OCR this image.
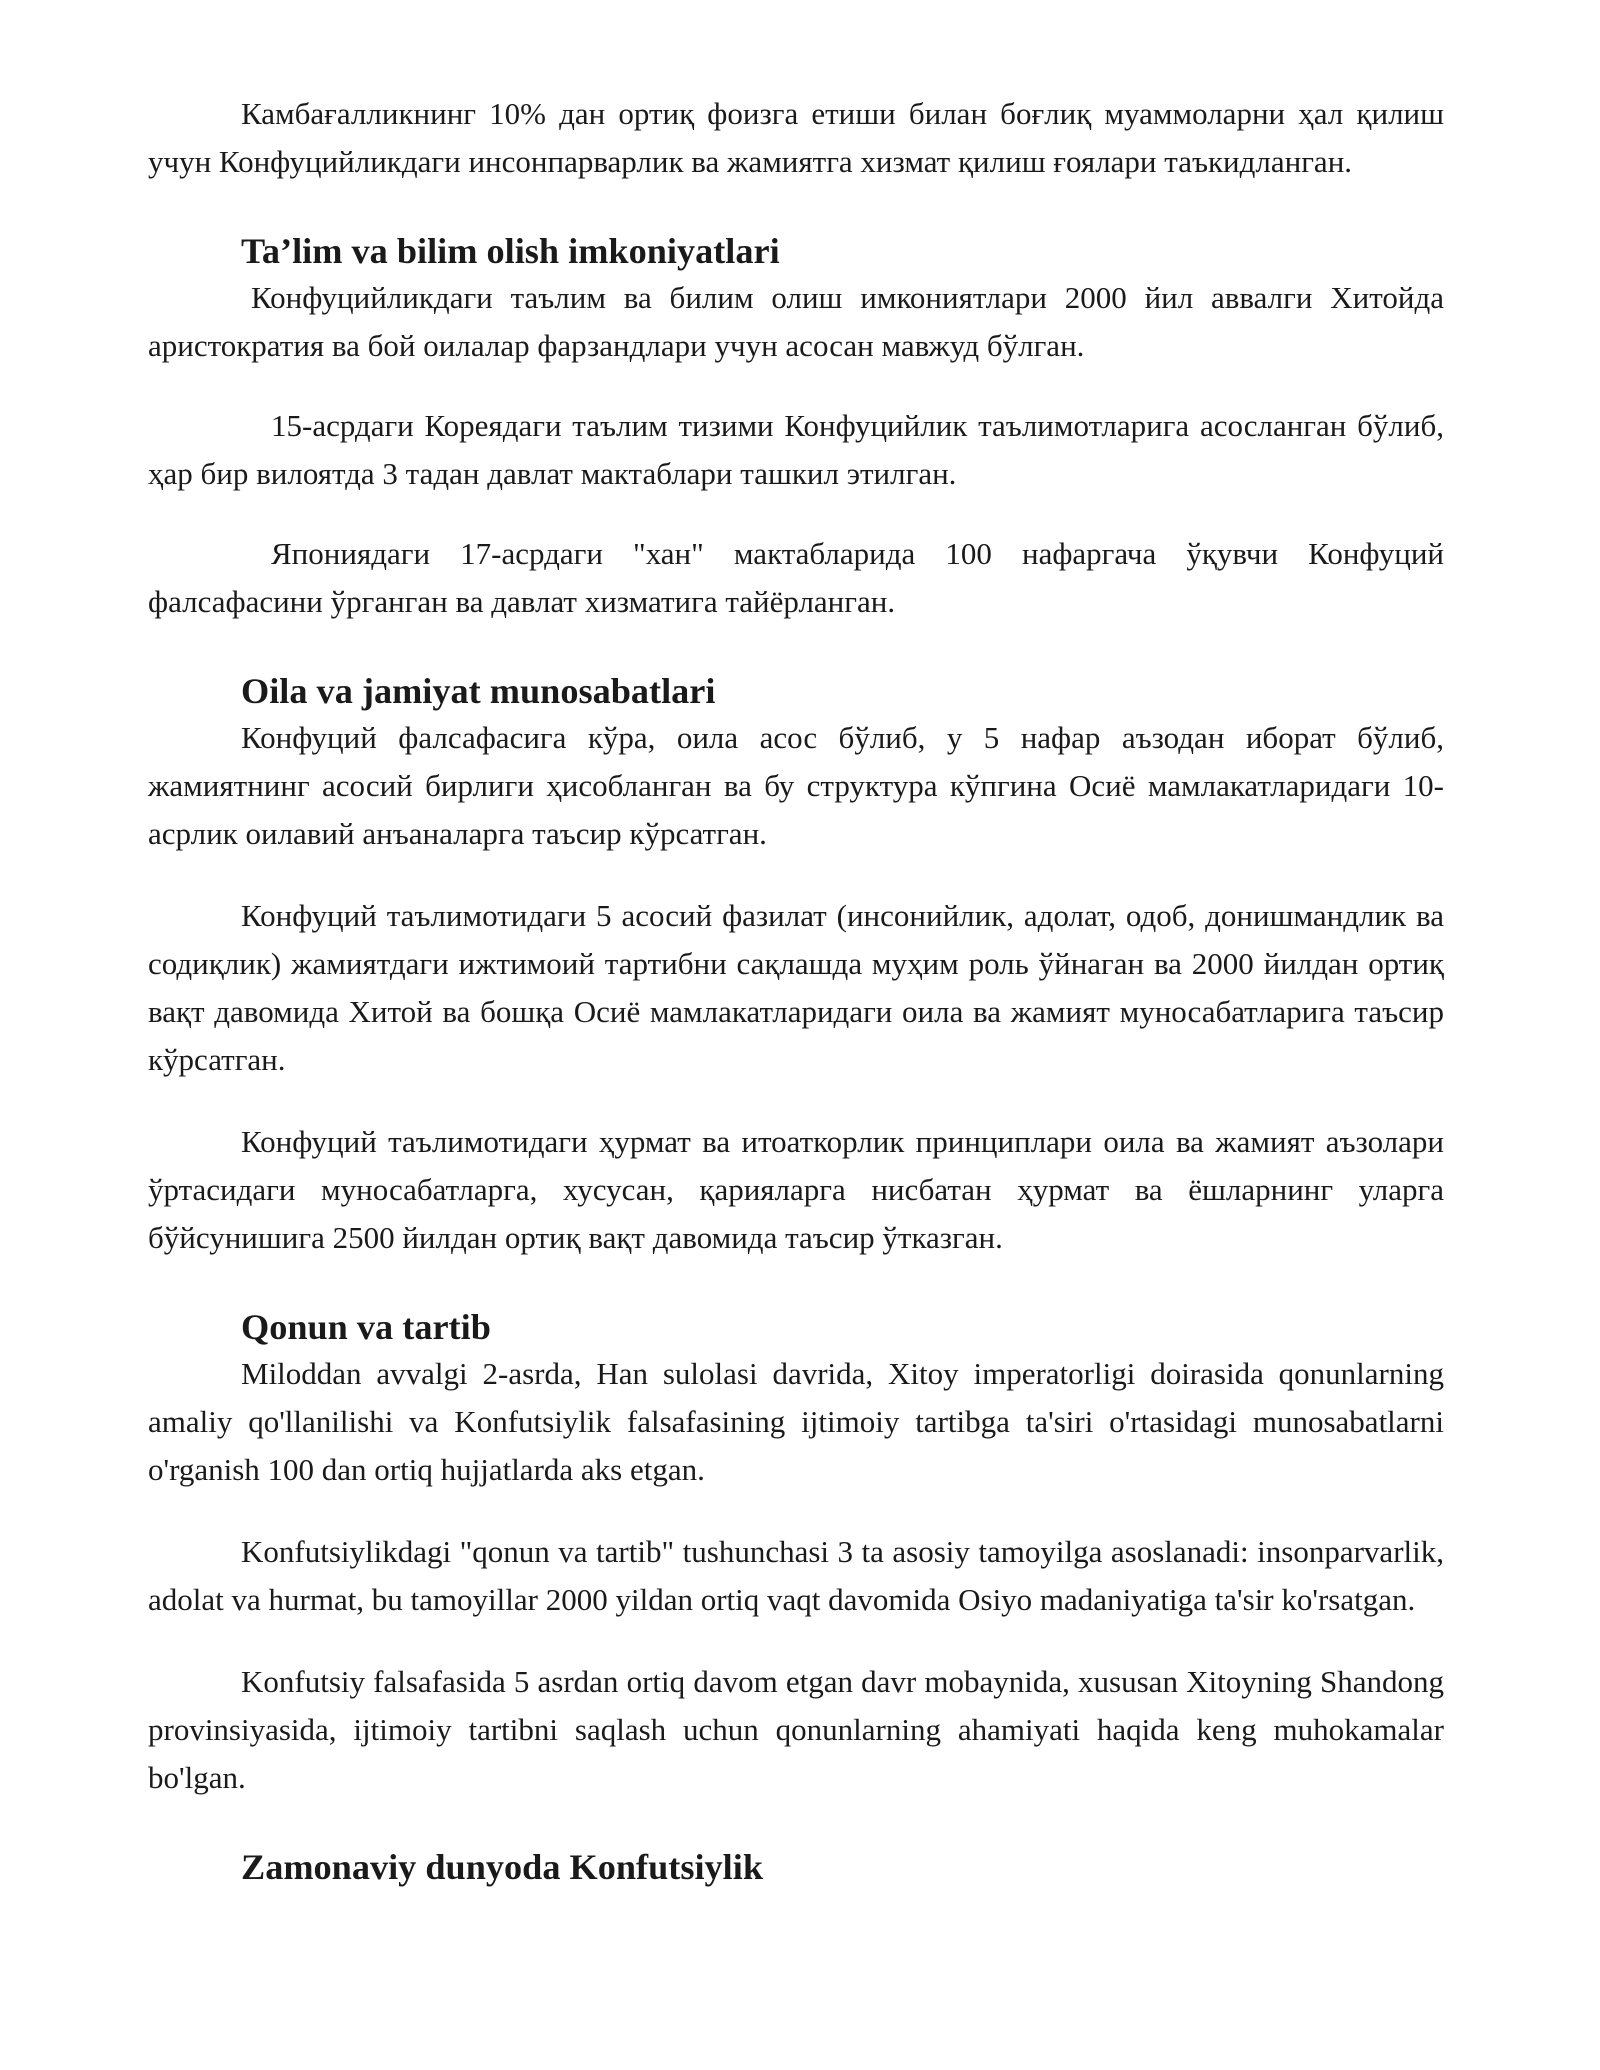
Камбағалликнинг 10% дан ортиқ фоизга етиши билан боғлиқ муаммоларни ҳал қилиш учун Конфуцийликдаги инсонпарварлик ва жамиятга хизмат қилиш ғоялари таъкидланган.

Ta’lim va bilim olish imkoniyatlari

Конфуцийликдаги таълим ва билим олиш имкониятлари 2000 йил аввалги Хитойда аристократия ва бой оилалар фарзандлари учун асосан мавжуд бўлган.

15-асрдаги Кореядаги таълим тизими Конфуцийлик таълимотларига асосланган бўлиб, ҳар бир вилоятда 3 тадан давлат мактаблари ташкил этилган.

Япониядаги 17-асрдаги "хан" мактабларида 100 нафаргача ўқувчи Конфуций фалсафасини ўрганган ва давлат хизматига тайёрланган.

Oila va jamiyat munosabatlari

Конфуций фалсафасига кўра, оила асос бўлиб, у 5 нафар аъзодан иборат бўлиб, жамиятнинг асосий бирлиги ҳисобланган ва бу структура кўпгина Осиё мамлакатларидаги 10-асрлик оилавий анъаналарга таъсир кўрсатган.

Конфуций таълимотидаги 5 асосий фазилат (инсонийлик, адолат, одоб, донишмандлик ва содиқлик) жамиятдаги ижтимоий тартибни сақлашда муҳим роль ўйнаган ва 2000 йилдан ортиқ вақт давомида Хитой ва бошқа Осиё мамлакатларидаги оила ва жамият муносабатларига таъсир кўрсатган.

Конфуций таълимотидаги ҳурмат ва итоаткорлик принциплари оила ва жамият аъзолари ўртасидаги муносабатларга, хусусан, қарияларга нисбатан ҳурмат ва ёшларнинг уларга бўйсунишига 2500 йилдан ортиқ вақт давомида таъсир ўтказган.

Qonun va tartib

Miloddan avvalgi 2-asrda, Han sulolasi davrida, Xitoy imperatorligi doirasida qonunlarning amaliy qo'llanilishi va Konfutsiylik falsafasining ijtimoiy tartibga ta'siri o'rtasidagi munosabatlarni o'rganish 100 dan ortiq hujjatlarda aks etgan.

Konfutsiylikdagi "qonun va tartib" tushunchasi 3 ta asosiy tamoyilga asoslanadi: insonparvarlik, adolat va hurmat, bu tamoyillar 2000 yildan ortiq vaqt davomida Osiyo madaniyatiga ta'sir ko'rsatgan.

Konfutsiy falsafasida 5 asrdan ortiq davom etgan davr mobaynida, xususan Xitoyning Shandong provinsiyasida, ijtimoiy tartibni saqlash uchun qonunlarning ahamiyati haqida keng muhokamalar bo'lgan.

Zamonaviy dunyoda Konfutsiylik
